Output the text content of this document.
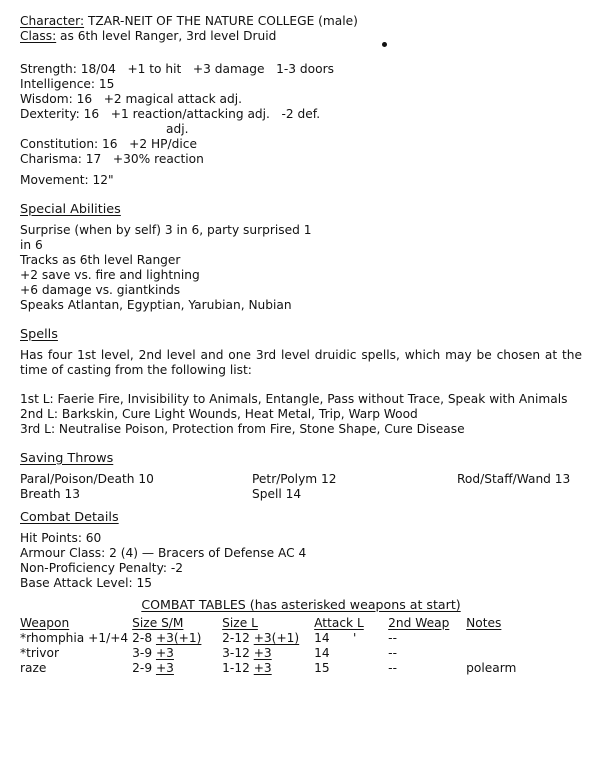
Character: TZAR-NEIT OF THE NATURE COLLEGE (male)
Class: as 6th level Ranger, 3rd level Druid
Strength: 18/04   +1 to hit   +3 damage   1-3 doors
Intelligence: 15
Wisdom: 16   +2 magical attack adj.
Dexterity: 16   +1 reaction/attacking adj.   -2 def.
adj.
Constitution: 16   +2 HP/dice
Charisma: 17   +30% reaction
Movement: 12"
Special Abilities
Surprise (when by self) 3 in 6, party surprised 1
in 6
Tracks as 6th level Ranger
+2 save vs. fire and lightning
+6 damage vs. giantkinds
Speaks Atlantan, Egyptian, Yarubian, Nubian
Spells
Has four 1st level, 2nd level and one 3rd level druidic spells, which may be chosen at the time of casting from the following list:
1st L: Faerie Fire, Invisibility to Animals, Entangle, Pass without Trace, Speak with Animals
2nd L: Barkskin, Cure Light Wounds, Heat Metal, Trip, Warp Wood
3rd L: Neutralise Poison, Protection from Fire, Stone Shape, Cure Disease
Saving Throws
Paral/Poison/Death 10	Petr/Polym 12	Rod/Staff/Wand 13
Breath 13	Spell 14
Combat Details
Hit Points: 60
Armour Class: 2 (4) — Bracers of Defense AC 4
Non-Proficiency Penalty: -2
Base Attack Level: 15
COMBAT TABLES (has asterisked weapons at start)
Weapon	Size S/M	Size L	Attack L	2nd Weap	Notes
*rhomphia +1/+4	2-8 +3(+1)	2-12 +3(+1)	14 '	--	
*trivor	3-9 +3	3-12 +3	14	--	
raze	2-9 +3	1-12 +3	15	--	polearm
